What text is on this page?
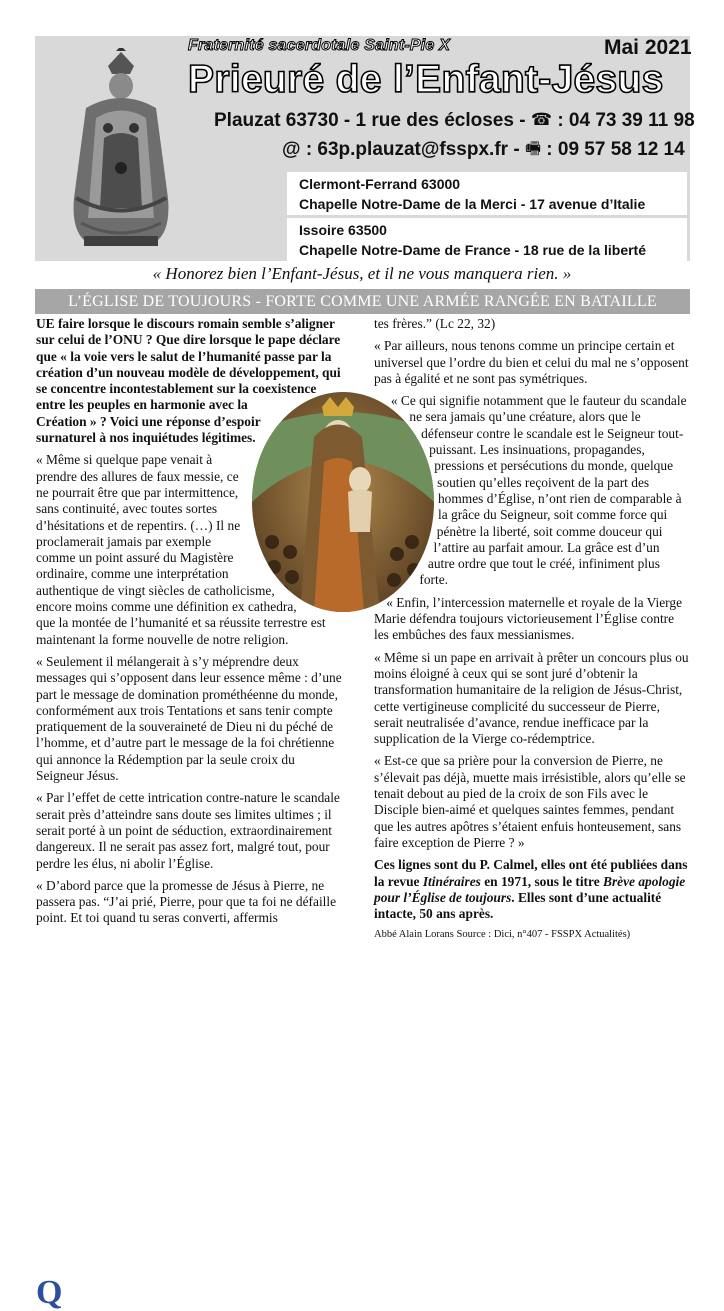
Fraternité sacerdotale Saint-Pie X	Mai 2021
Prieuré de l’Enfant-Jésus
Plauzat 63730 - 1 rue des écloses - ☎ : 04 73 39 11 98
@ : 63p.plauzat@fsspx.fr - 🖷 : 09 57 58 12 14
Clermont-Ferrand 63000
Chapelle Notre-Dame de la Merci - 17 avenue d’Italie
Issoire 63500
Chapelle Notre-Dame de France - 18 rue de la liberté
« Honorez bien l’Enfant-Jésus, et il ne vous manquera rien. »
L’ÉGLISE DE TOUJOURS - FORTE COMME UNE ARMÉE RANGÉE EN BATAILLE

Q
UE faire lorsque le discours romain semble s’aligner sur celui de l’ONU ? Que dire lorsque le pape déclare que « la voie vers le salut de l’humanité passe par la création d’un nouveau modèle de développement, qui se concentre incontestablement sur la coexistence entre les peuples en harmonie avec la Création » ? Voici une réponse d’espoir surnaturel à nos inquiétudes légitimes.

« Même si quelque pape venait à prendre des allures de faux messie, ce ne pourrait être que par intermittence, sans continuité, avec toutes sortes d’hésitations et de repentirs. (…) Il ne proclamerait jamais par exemple comme un point assuré du Magistère ordinaire, comme une interprétation authentique de vingt siècles de catholicisme, encore moins comme une définition ex cathedra, que la montée de l’humanité et sa réussite terrestre est maintenant la forme nouvelle de notre religion.

« Seulement il mélangerait à s’y méprendre deux messages qui s’opposent dans leur essence même : d’une part le message de domination prométhéenne du monde, conformément aux trois Tentations et sans tenir compte pratiquement de la souveraineté de Dieu ni du péché de l’homme, et d’autre part le message de la foi chrétienne qui annonce la Rédemption par la seule croix du Seigneur Jésus.

« Par l’effet de cette intrication contre-nature le scandale serait près d’atteindre sans doute ses limites ultimes ; il serait porté à un point de séduction, extraordinairement dangereux. Il ne serait pas assez fort, malgré tout, pour perdre les élus, ni abolir l’Église.

« D’abord parce que la promesse de Jésus à Pierre, ne passera pas. “J’ai prié, Pierre, pour que ta foi ne défaille point. Et toi quand tu seras converti, affermis

tes frères.” (Lc 22, 32)

« Par ailleurs, nous tenons comme un principe certain et universel que l’ordre du bien et celui du mal ne s’opposent pas à égalité et ne sont pas symétriques.

« Ce qui signifie notamment que le fauteur du scandale ne sera jamais qu’une créature, alors que le défenseur contre le scandale est le Seigneur tout-puissant. Les insinuations, propagandes, pressions et persécutions du monde, quelque soutien qu’elles reçoivent de la part des hommes d’Église, n’ont rien de comparable à la grâce du Seigneur, soit comme force qui pénètre la liberté, soit comme douceur qui l’attire au parfait amour. La grâce est d’un autre ordre que tout le créé, infiniment plus forte.

« Enfin, l’intercession maternelle et royale de la Vierge Marie défendra toujours victorieusement l’Église contre les embûches des faux messianismes.

« Même si un pape en arrivait à prêter un concours plus ou moins éloigné à ceux qui se sont juré d’obtenir la transformation humanitaire de la religion de Jésus-Christ, cette vertigineuse complicité du successeur de Pierre, serait neutralisée d’avance, rendue inefficace par la supplication de la Vierge co-rédemptrice.

« Est-ce que sa prière pour la conversion de Pierre, ne s’élevait pas déjà, muette mais irrésistible, alors qu’elle se tenait debout au pied de la croix de son Fils avec le Disciple bien-aimé et quelques saintes femmes, pendant que les autres apôtres s’étaient enfuis honteusement, sans faire exception de Pierre ? »

Ces lignes sont du P. Calmel, elles ont été publiées dans la revue Itinéraires en 1971, sous le titre Brève apologie pour l’Église de toujours. Elles sont d’une actualité intacte, 50 ans après.

Abbé Alain Lorans Source : Dici, n°407 - FSSPX Actualités)
